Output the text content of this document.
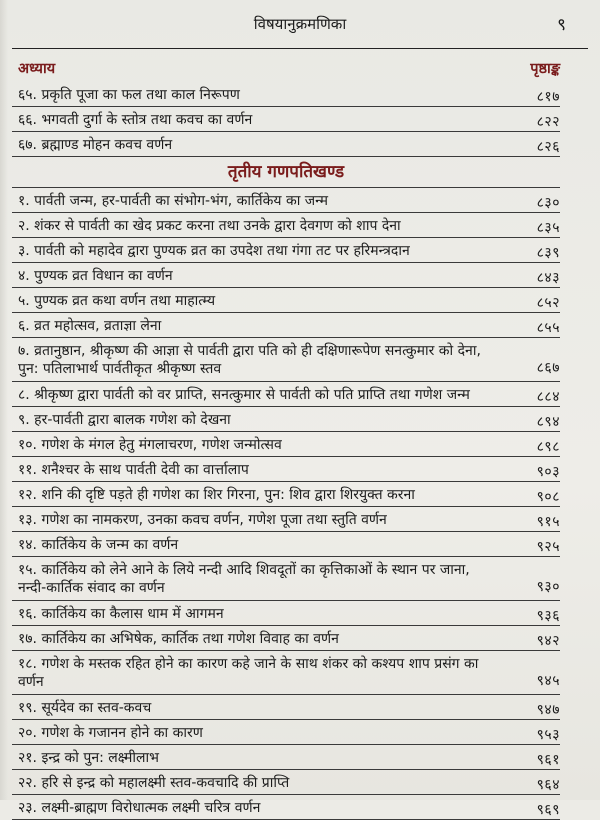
विषयानुक्रमणिका	९
अध्याय	पृष्ठाङ्क
६५. प्रकृति पूजा का फल तथा काल निरूपण	८१७
६६. भगवती दुर्गा के स्तोत्र तथा कवच का वर्णन	८२२
६७. ब्रह्माण्ड मोहन कवच वर्णन	८२६
तृतीय गणपतिखण्ड
१. पार्वती जन्म, हर-पार्वती का संभोग-भंग, कार्तिकेय का जन्म	८३०
२. शंकर से पार्वती का खेद प्रकट करना तथा उनके द्वारा देवगण को शाप देना	८३५
३. पार्वती को महादेव द्वारा पुण्यक व्रत का उपदेश तथा गंगा तट पर हरिमन्त्रदान	८३९
४. पुण्यक व्रत विधान का वर्णन	८४३
५. पुण्यक व्रत कथा वर्णन तथा माहात्म्य	८५२
६. व्रत महोत्सव, व्रताज्ञा लेना	८५५
७. व्रतानुष्ठान, श्रीकृष्ण की आज्ञा से पार्वती द्वारा पति को ही दक्षिणारूपेण सनत्कुमार को देना, पुन: पतिलाभार्थ पार्वतीकृत श्रीकृष्ण स्तव	८६७
८. श्रीकृष्ण द्वारा पार्वती को वर प्राप्ति, सनत्कुमार से पार्वती को पति प्राप्ति तथा गणेश जन्म	८८४
९. हर-पार्वती द्वारा बालक गणेश को देखना	८९४
१०. गणेश के मंगल हेतु मंगलाचरण, गणेश जन्मोत्सव	८९८
११. शनैश्चर के साथ पार्वती देवी का वार्त्तालाप	९०३
१२. शनि की दृष्टि पड़ते ही गणेश का शिर गिरना, पुन: शिव द्वारा शिरयुक्त करना	९०८
१३. गणेश का नामकरण, उनका कवच वर्णन, गणेश पूजा तथा स्तुति वर्णन	९१५
१४. कार्तिकेय के जन्म का वर्णन	९२५
१५. कार्तिकेय को लेने आने के लिये नन्दी आदि शिवदूतों का कृत्तिकाओं के स्थान पर जाना, नन्दी-कार्तिक संवाद का वर्णन	९३०
१६. कार्तिकेय का कैलास धाम में आगमन	९३६
१७. कार्तिकेय का अभिषेक, कार्तिक तथा गणेश विवाह का वर्णन	९४२
१८. गणेश के मस्तक रहित होने का कारण कहे जाने के साथ शंकर को कश्यप शाप प्रसंग का वर्णन	९४५
१९. सूर्यदेव का स्तव-कवच	९४७
२०. गणेश के गजानन होने का कारण	९५३
२१. इन्द्र को पुन: लक्ष्मीलाभ	९६१
२२. हरि से इन्द्र को महालक्ष्मी स्तव-कवचादि की प्राप्ति	९६४
२३. लक्ष्मी-ब्राह्मण विरोधात्मक लक्ष्मी चरित्र वर्णन	९६९
